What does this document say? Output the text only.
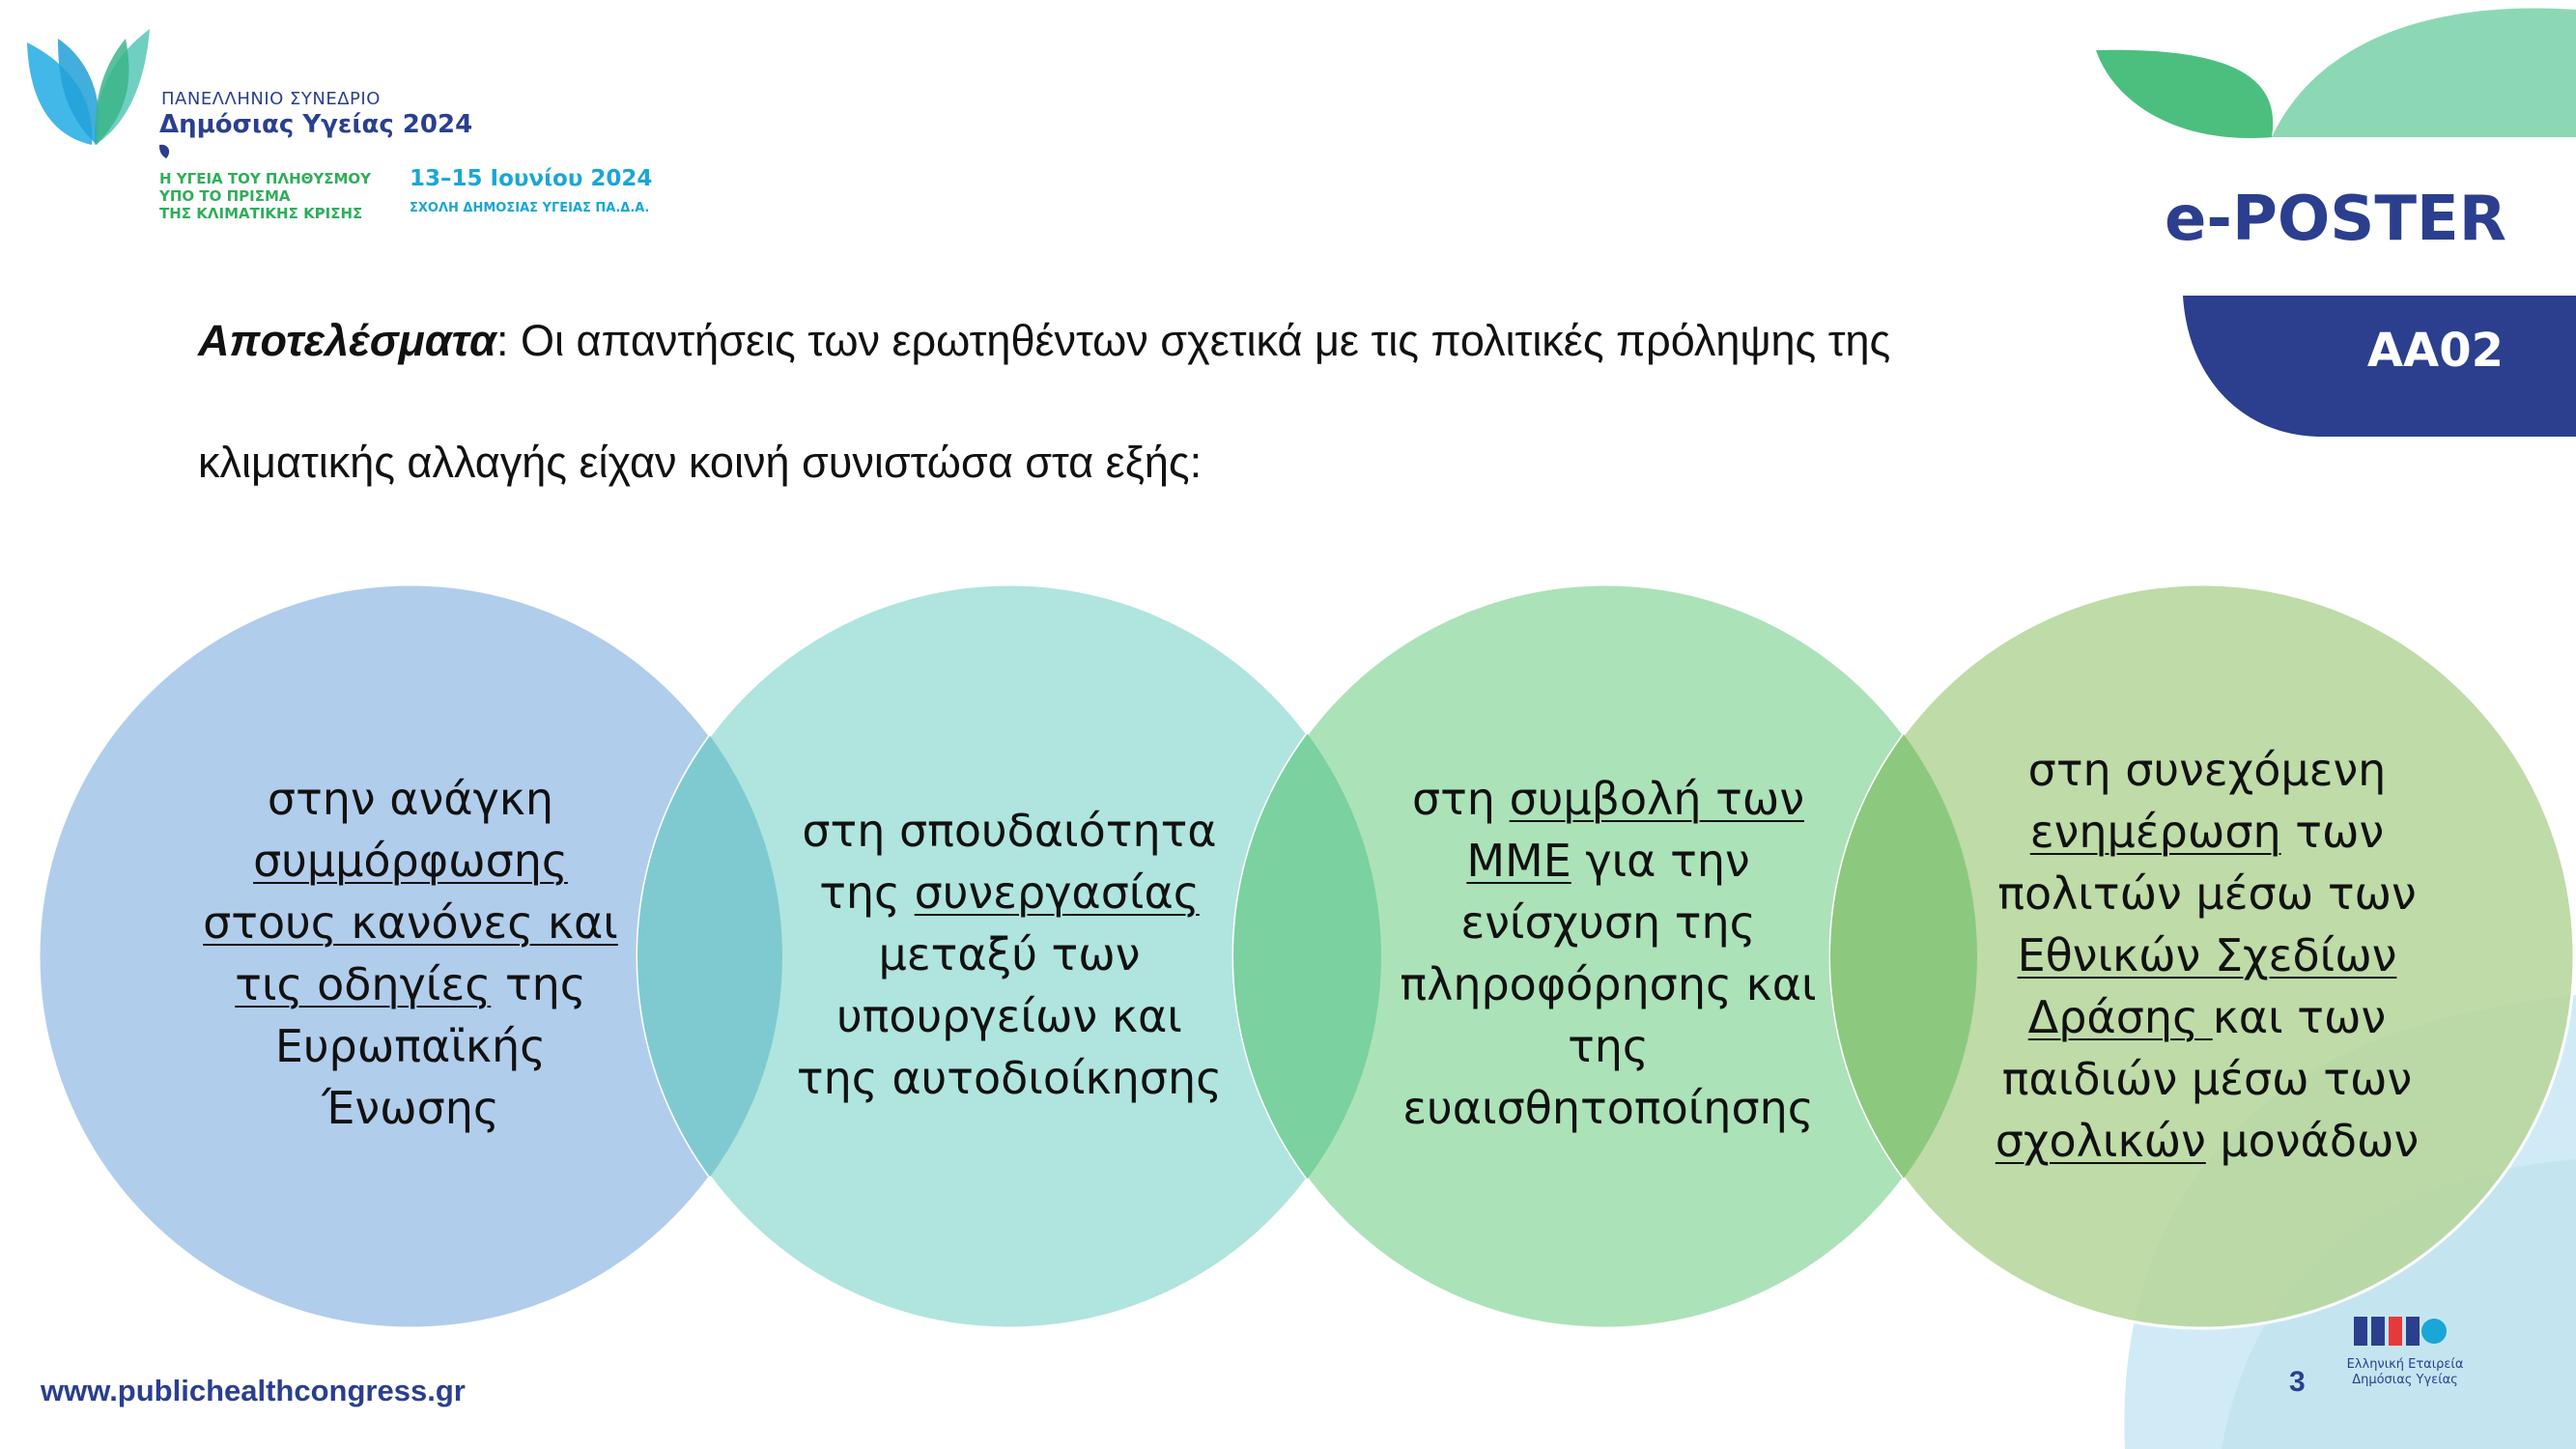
ΠΑΝΕΛΛΗΝΙΟ ΣΥΝΕΔΡΙΟ
Δημόσιας Υγείας 2024
Η ΥΓΕΙΑ ΤΟΥ ΠΛΗΘΥΣΜΟΥ
ΥΠΟ ΤΟ ΠΡΙΣΜΑ
ΤΗΣ ΚΛΙΜΑΤΙΚΗΣ ΚΡΙΣΗΣ
13–15 Ιουνίου 2024
ΣΧΟΛΗ ΔΗΜΟΣΙΑΣ ΥΓΕΙΑΣ ΠΑ.Δ.Α.	e-POSTER
AA02
Αποτελέσματα: Οι απαντήσεις των ερωτηθέντων σχετικά με τις πολιτικές πρόληψης της
κλιματικής αλλαγής είχαν κοινή συνιστώσα στα εξής:
στην ανάγκη
συμμόρφωσης
στους κανόνες και
τις οδηγίες της
Ευρωπαϊκής
Ένωσης
στη σπουδαιότητα
της συνεργασίας
μεταξύ των
υπουργείων και
της αυτοδιοίκησης
στη συμβολή των
ΜΜΕ για την
ενίσχυση της
πληροφόρησης και
της
ευαισθητοποίησης
στη συνεχόμενη
ενημέρωση των
πολιτών μέσω των
Εθνικών Σχεδίων
Δράσης και των
παιδιών μέσω των
σχολικών μονάδων
www.publichealthcongress.gr	3
Ελληνική Εταιρεία Δημόσιας Υγείας
